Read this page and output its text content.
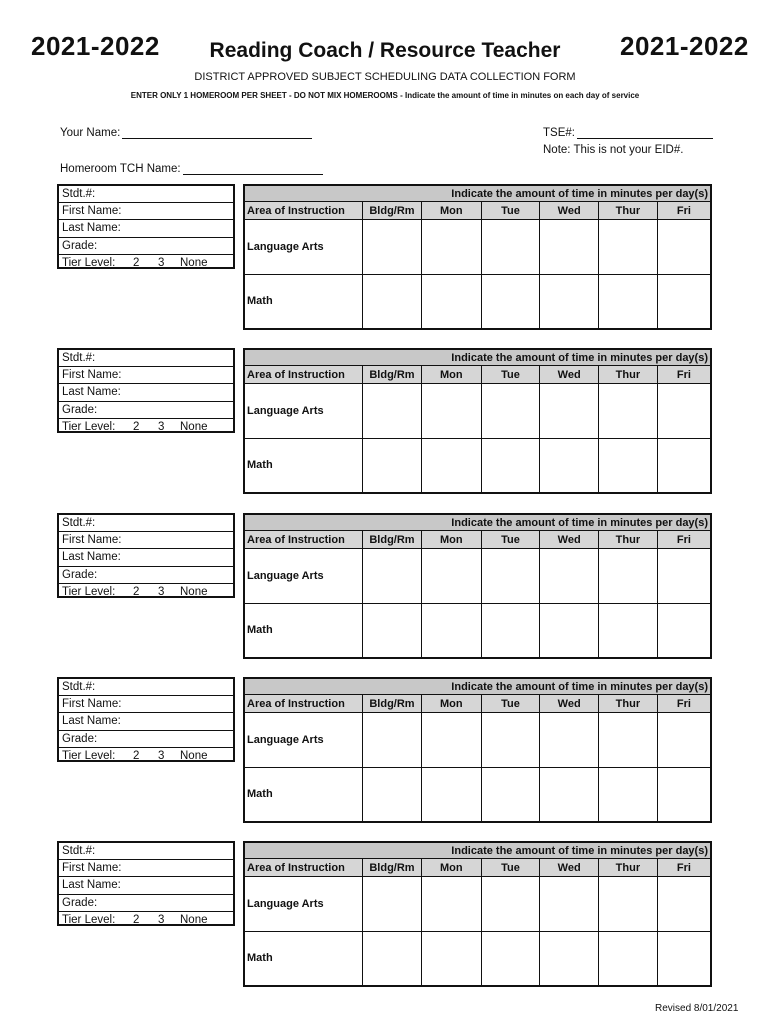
2021-2022	2021-2022
Reading Coach / Resource Teacher
DISTRICT APPROVED SUBJECT SCHEDULING DATA COLLECTION FORM
ENTER ONLY 1 HOMEROOM PER SHEET - DO NOT MIX HOMEROOMS - Indicate the amount of time in minutes on each day of service
Your Name:	TSE#:
Note: This is not your EID#.
Homeroom TCH Name:
Stdt.#:
First Name:
Last Name:
Grade:
Tier Level: 2 3 None
Indicate the amount of time in minutes per day(s)						
Area of Instruction	Bldg/Rm	Mon	Tue	Wed	Thur	Fri
Language Arts						
Math						
Stdt.#:
First Name:
Last Name:
Grade:
Tier Level: 2 3 None
Indicate the amount of time in minutes per day(s)						
Area of Instruction	Bldg/Rm	Mon	Tue	Wed	Thur	Fri
Language Arts						
Math						
Stdt.#:
First Name:
Last Name:
Grade:
Tier Level: 2 3 None
Indicate the amount of time in minutes per day(s)						
Area of Instruction	Bldg/Rm	Mon	Tue	Wed	Thur	Fri
Language Arts						
Math						
Stdt.#:
First Name:
Last Name:
Grade:
Tier Level: 2 3 None
Indicate the amount of time in minutes per day(s)						
Area of Instruction	Bldg/Rm	Mon	Tue	Wed	Thur	Fri
Language Arts						
Math						
Stdt.#:
First Name:
Last Name:
Grade:
Tier Level: 2 3 None
Indicate the amount of time in minutes per day(s)						
Area of Instruction	Bldg/Rm	Mon	Tue	Wed	Thur	Fri
Language Arts						
Math						
Revised 8/01/2021
